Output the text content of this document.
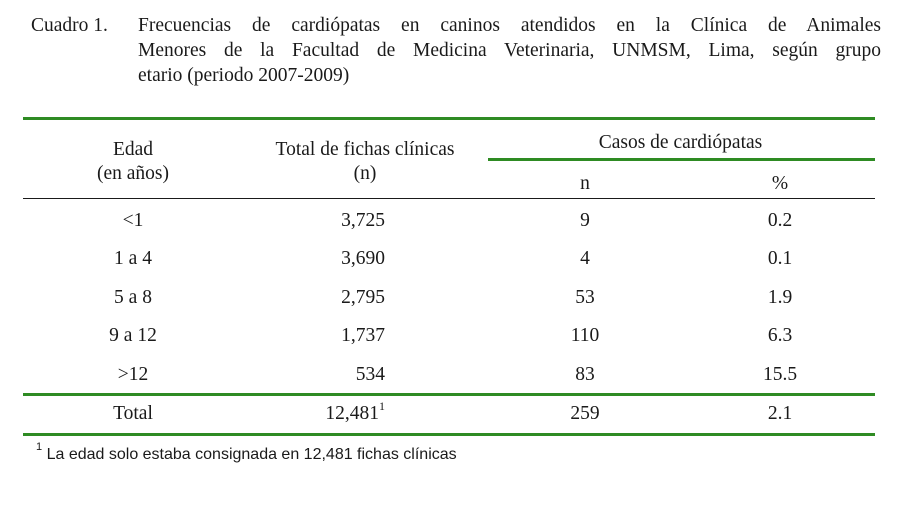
Cuadro 1. Frecuencias de cardiópatas en caninos atendidos en la Clínica de Animales
Menores de la Facultad de Medicina Veterinaria, UNMSM, Lima, según grupo
etario (periodo 2007-2009)
Edad
(en años)
Total de fichas clínicas
(n)
Casos de cardiópatas
n	%
<1	3,725	9	0.2
1 a 4	3,690	4	0.1
5 a 8	2,795	53	1.9
9 a 12	1,737	110	6.3
>12	534	83	15.5
Total	12,481$^1$	259	2.1
$^1$ La edad solo estaba consignada en 12,481 fichas clínicas
